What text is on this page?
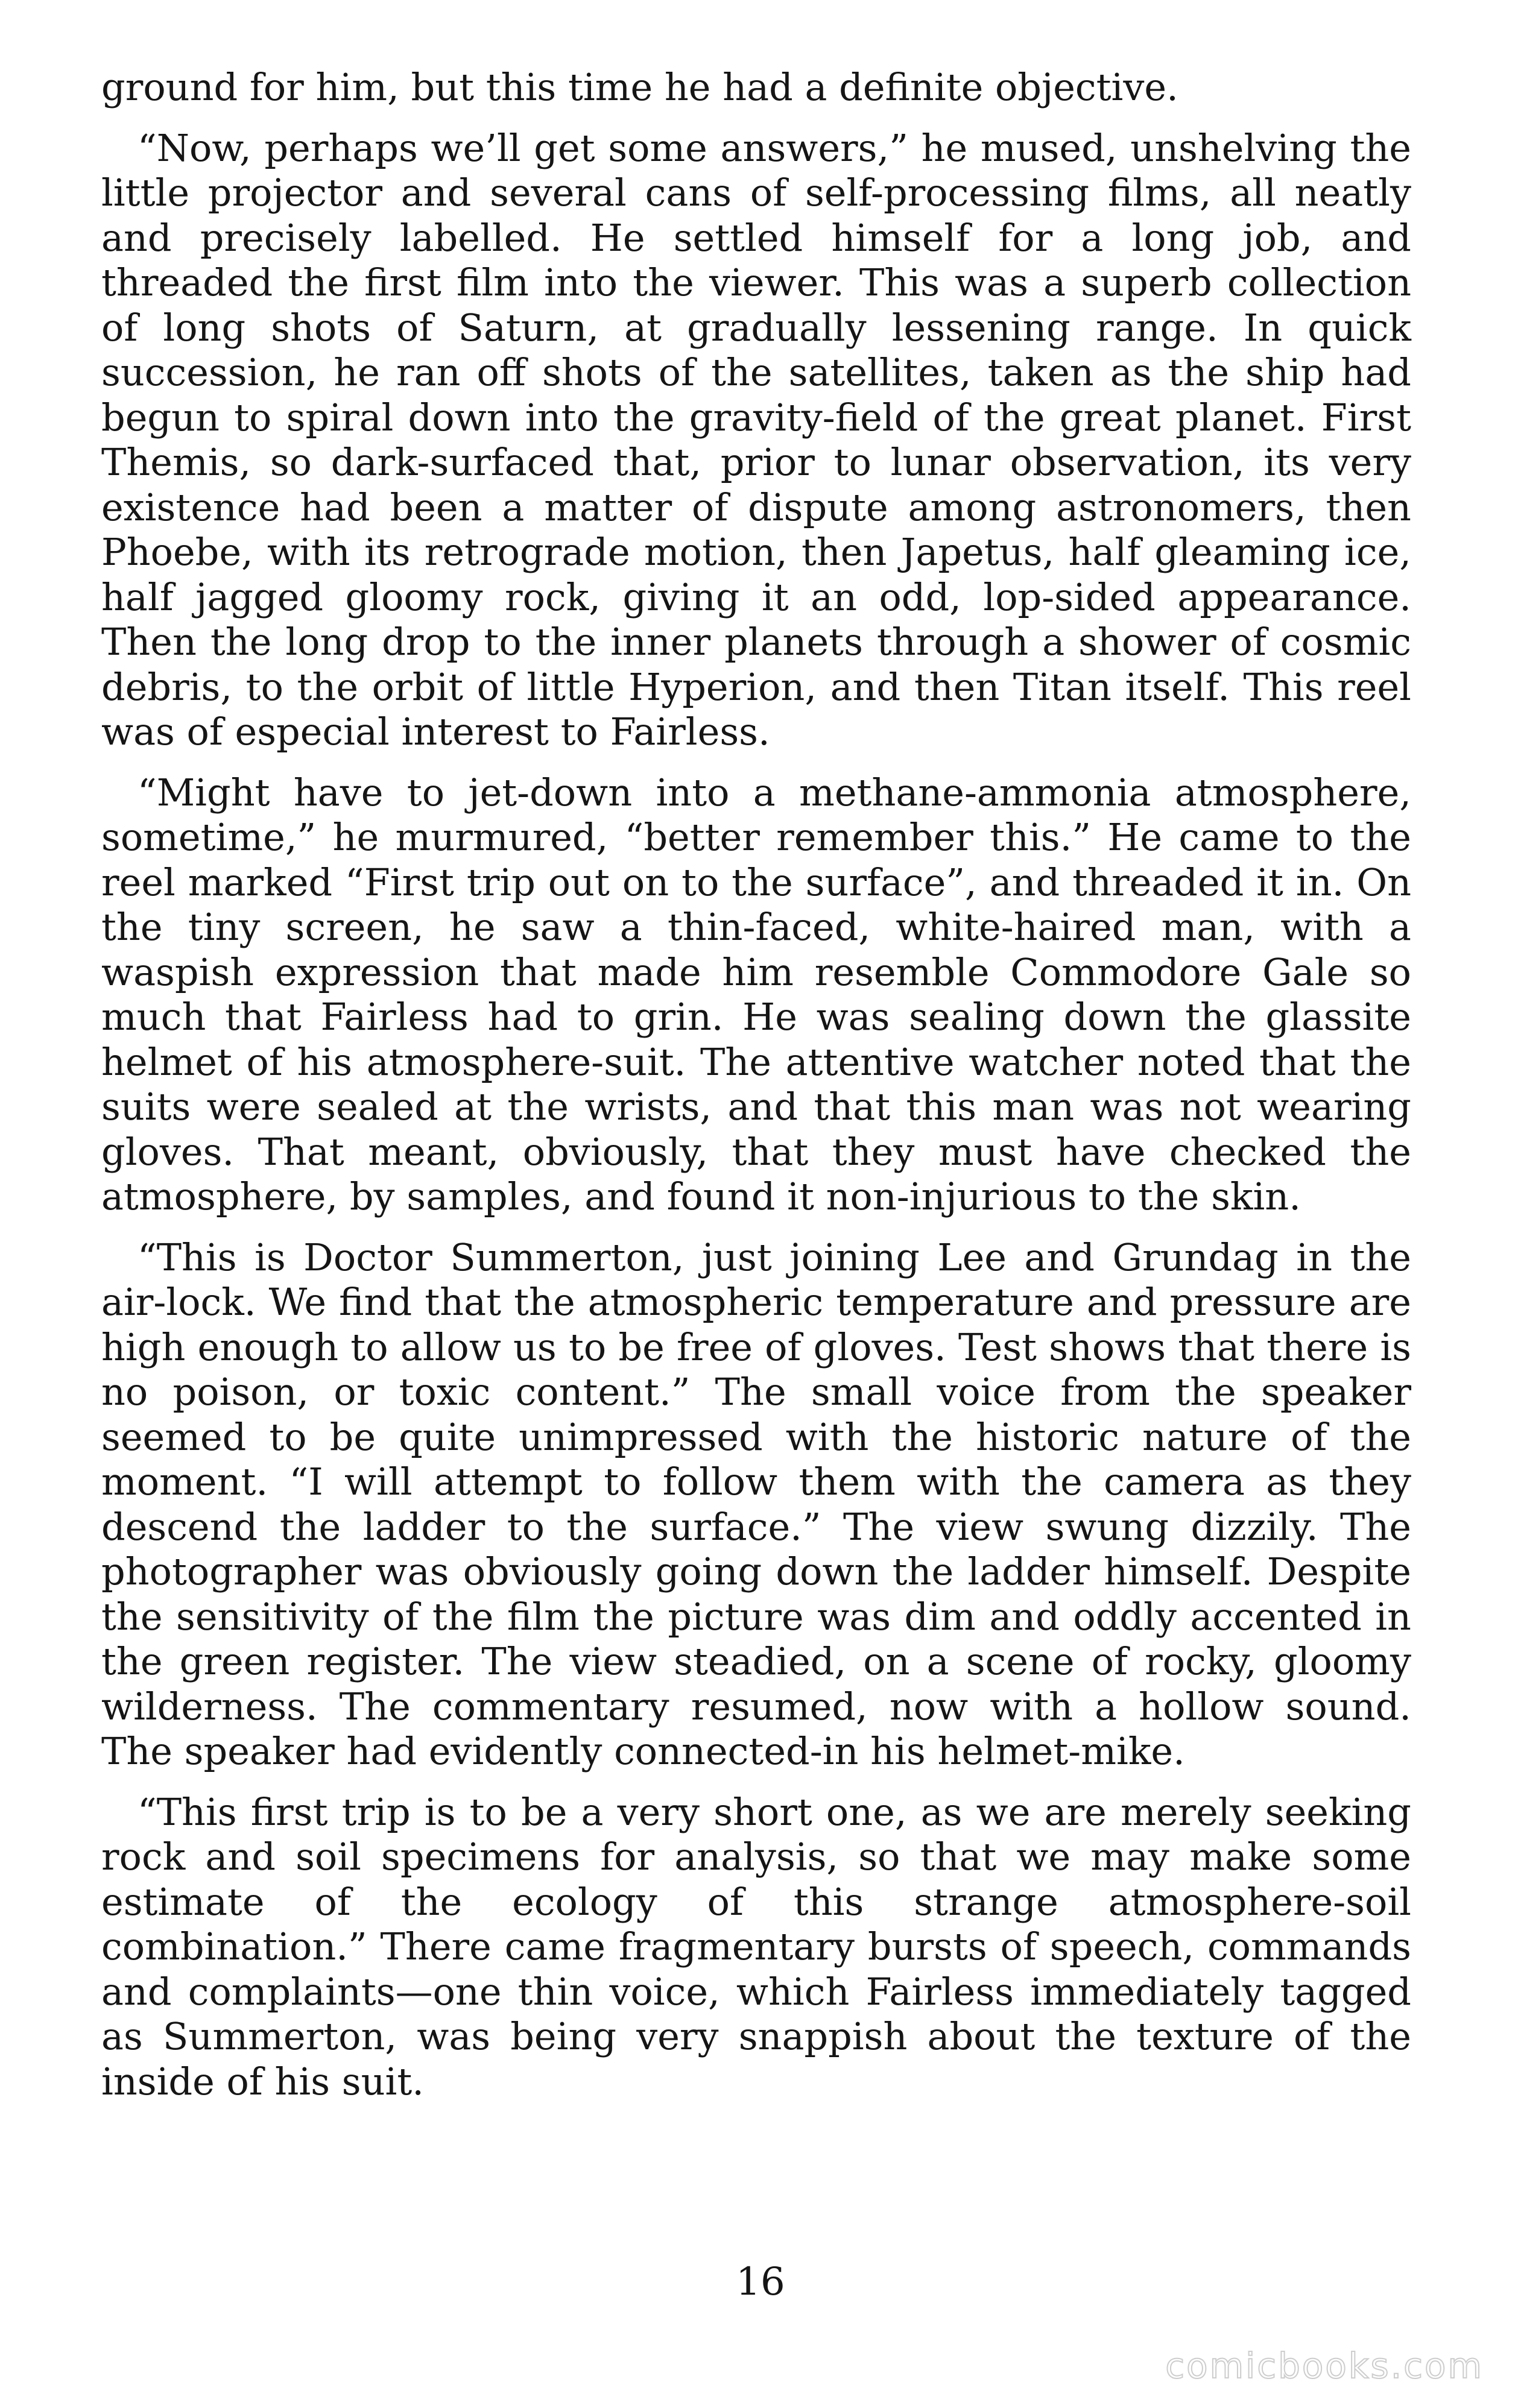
ground for him, but this time he had a definite objective.

“Now, perhaps we’ll get some answers,” he mused, unshelving the little projector and several cans of self-processing films, all neatly and precisely labelled. He settled himself for a long job, and threaded the first film into the viewer. This was a superb collection of long shots of Saturn, at gradually lessening range. In quick succession, he ran off shots of the satellites, taken as the ship had begun to spiral down into the gravity-field of the great planet. First Themis, so dark-surfaced that, prior to lunar observation, its very existence had been a matter of dispute among astronomers, then Phoebe, with its retrograde motion, then Japetus, half gleaming ice, half jagged gloomy rock, giving it an odd, lop-sided appearance. Then the long drop to the inner planets through a shower of cosmic debris, to the orbit of little Hyperion, and then Titan itself. This reel was of especial interest to Fairless.

“Might have to jet-down into a methane-ammonia atmosphere, sometime,” he murmured, “better remember this.” He came to the reel marked “First trip out on to the surface”, and threaded it in. On the tiny screen, he saw a thin-faced, white-haired man, with a waspish expression that made him resemble Commodore Gale so much that Fairless had to grin. He was sealing down the glassite helmet of his atmosphere-suit. The attentive watcher noted that the suits were sealed at the wrists, and that this man was not wearing gloves. That meant, obviously, that they must have checked the atmosphere, by samples, and found it non-injurious to the skin.

“This is Doctor Summerton, just joining Lee and Grundag in the air-lock. We find that the atmospheric temperature and pressure are high enough to allow us to be free of gloves. Test shows that there is no poison, or toxic content.” The small voice from the speaker seemed to be quite unimpressed with the historic nature of the moment. “I will attempt to follow them with the camera as they descend the ladder to the surface.” The view swung dizzily. The photographer was obviously going down the ladder himself. Despite the sensitivity of the film the picture was dim and oddly accented in the green register. The view steadied, on a scene of rocky, gloomy wilderness. The commentary resumed, now with a hollow sound. The speaker had evidently connected-in his helmet-mike.

“This first trip is to be a very short one, as we are merely seeking rock and soil specimens for analysis, so that we may make some estimate of the ecology of this strange atmosphere-soil combination.” There came fragmentary bursts of speech, commands and complaints—one thin voice, which Fairless immediately tagged as Summerton, was being very snappish about the texture of the inside of his suit.

16
comicbooks.com
